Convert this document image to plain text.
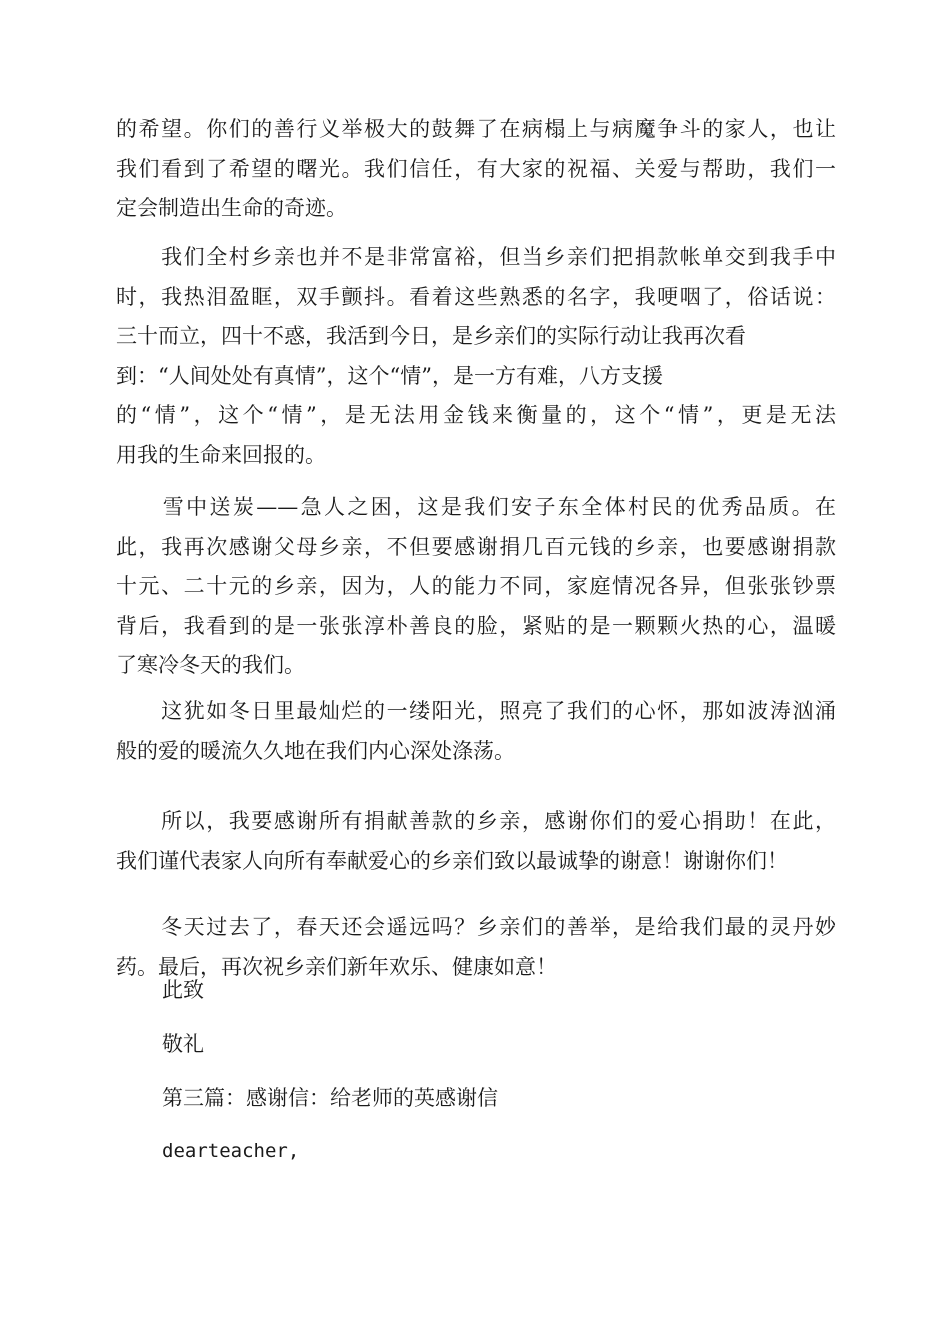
的希望。你们的善行义举极大的鼓舞了在病榻上与病魔争斗的家人，也让
我们看到了希望的曙光。我们信任，有大家的祝福、关爱与帮助，我们一
定会制造出生命的奇迹。
　　我们全村乡亲也并不是非常富裕，但当乡亲们把捐款帐单交到我手中
时，我热泪盈眶，双手颤抖。看着这些熟悉的名字，我哽咽了，俗话说：
三十而立，四十不惑，我活到今日，是乡亲们的实际行动让我再次看
到：“人间处处有真情”，这个“情”，是一方有难，八方支援
的“情”，这个“情”，是无法用金钱来衡量的，这个“情”，更是无法
用我的生命来回报的。
　　雪中送炭——急人之困，这是我们安子东全体村民的优秀品质。在
此，我再次感谢父母乡亲，不但要感谢捐几百元钱的乡亲，也要感谢捐款
十元、二十元的乡亲，因为，人的能力不同，家庭情况各异，但张张钞票
背后，我看到的是一张张淳朴善良的脸，紧贴的是一颗颗火热的心，温暖
了寒冷冬天的我们。
　　这犹如冬日里最灿烂的一缕阳光，照亮了我们的心怀，那如波涛汹涌
般的爱的暖流久久地在我们内心深处涤荡。
　　所以，我要感谢所有捐献善款的乡亲，感谢你们的爱心捐助！在此，
我们谨代表家人向所有奉献爱心的乡亲们致以最诚挚的谢意！谢谢你们！
　　冬天过去了，春天还会遥远吗？乡亲们的善举，是给我们最的灵丹妙
药。最后，再次祝乡亲们新年欢乐、健康如意！
此致
敬礼
第三篇：感谢信：给老师的英感谢信
dearteacher,
